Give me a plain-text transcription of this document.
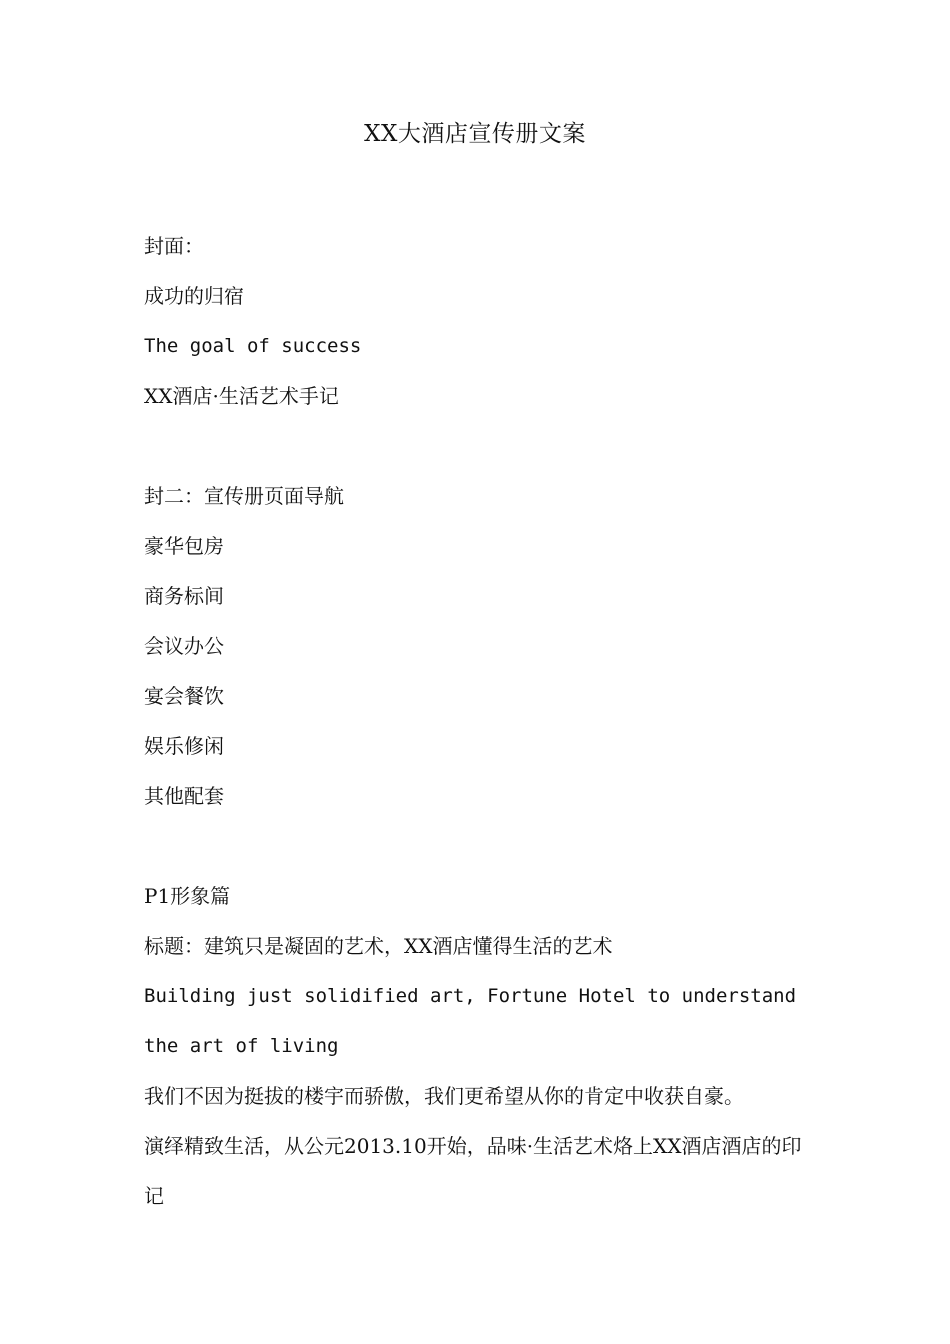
XX大酒店宣传册文案
封面：
成功的归宿
The goal of success
XX酒店·生活艺术手记
封二：宣传册页面导航
豪华包房
商务标间
会议办公
宴会餐饮
娱乐修闲
其他配套
P1形象篇
标题：建筑只是凝固的艺术，XX酒店懂得生活的艺术
Building just solidified art, Fortune Hotel to understand the art of living
我们不因为挺拔的楼宇而骄傲，我们更希望从你的肯定中收获自豪。
演绎精致生活，从公元2013.10开始，品味·生活艺术烙上XX酒店酒店的印记
